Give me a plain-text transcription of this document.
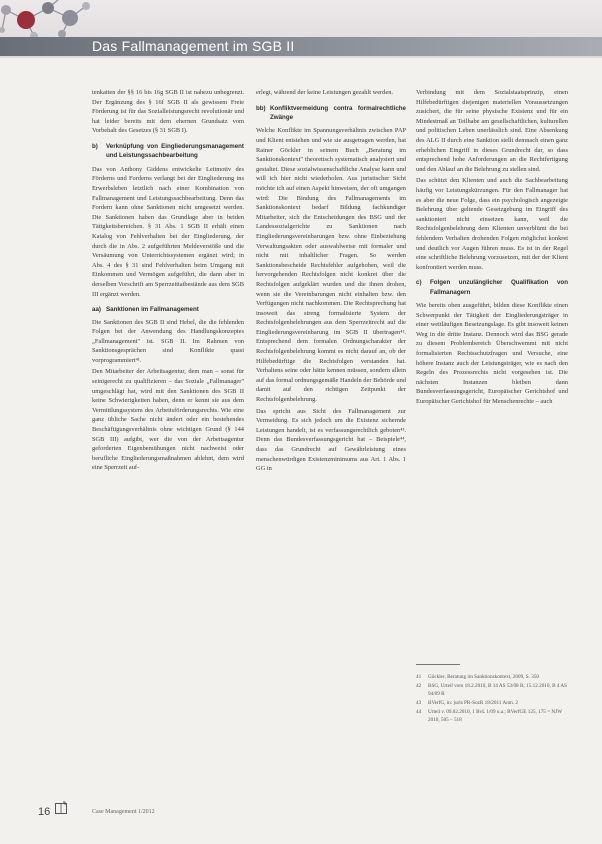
Das Fallmanagement im SGB II

tenkatten der §§ 16 bis 16g SGB II ist nahezu unbegrenzt. Der Ergänzung des § 16f SGB II als gewissem Freie Förderung ist für das Sozialleistungsrecht revolutionär und hat leider bereits mit dem ehernen Grundsatz vom Vorbehalt des Gesetzes (§ 31 SGB I).

b) Verknüpfung von Eingliederungsmanagement und Leistungssachbearbeitung

Das von Anthony Giddens entwickelte Leitmotiv des Förderns und Forderns verlangt bei der Eingliederung ins Erwerbsleben letztlich nach einer Kombination von Fallmanagement und Leistungssachbearbeitung. Denn das Fordern kann ohne Sanktionen nicht umgesetzt werden. Die Sanktionen haben das Grundlage aber in beiden Tätigkeitsbereichen. § 31 Abs. 1 SGB II erhält einen Katalog von Fehlverhalten bei der Eingliederung, der durch die in Abs. 2 aufgeführten Meldeverstöße und die Versäumung von Unterrichtssystemen ergänzt wird; in Abs. 4 des § 31 sind Fehlverhalten beim Umgang mit Einkommen und Vermögen aufgeführt, die dann aber in derselben Vorschrift am Sperrzeittatbestände aus dem SGB III ergänzt werden.

aa) Sanktionen im Fallmanagement

Die Sanktionen des SGB II sind Hebel, die die fehlenden Folgen bei der Anwendung des Handlungskonzeptes „Fallmanagement" ist. SGB II. Im Rahmen von Sanktionsgesprächen sind Konflikte quasi vorprogrammiert⁴¹.

Den Mitarbeiter der Arbeitsagentur, dem man – sonst für seinigerecht zu qualifizieren – das Soziale „Fallmanager" umgeschlägt hat, wird mit den Sanktionen des SGB II keine Schwierigkeiten haben, denn er kennt sie aus dem Vermittlungssystem des Arbeitsförderungsrechts. Wie eine ganz übliche Sache nicht ändert oder ein bestehendes Beschäftigungsverhältnis ohne wichtigen Grund (§ 144 SGB III) aufgibt, wer die von der Arbeitsagentur geforderten Eigenbemühungen nicht nachweist oder berufliche Eingliederungsmaßnahmen ablehnt, dem wird eine Sperrzeit auf-

erlegt, während der keine Leistungen gezahlt werden.

bb) Konfliktvermeidung contra formalrechtliche Zwänge

Welche Konflikte im Spannungsverhältnis zwischen PAP und Klient entstehen und wie sie ausgetragen werden, hat Rainer Göckler in seinem Buch „Beratung im Sanktionskontext" theoretisch systematisch analysiert und gestaltet. Diese sozialwissenschaftliche Analyse kann und will ich hier nicht wiederholen. Aus juristischer Sicht möchte ich auf einen Aspekt hinweisen, der oft umgangen wird: Die Bindung des Fallmanagements im Sanktionskontext bedarf Bildung fachkundiger Mitarbeiter, sich die Entscheidungen des BSG und der Landessozialgerichte zu Sanktionen nach Eingliederungsvereinbarungen bzw. ohne Einbeziehung Verwaltungsakten oder auswahlweise mit formaler und nicht mit inhaltlicher Fragen. So werden Sanktionsbescheide Rechtsfehler aufgehoben, weil die hervorgehenden Rechtsfolgen nicht konkret über die Rechtsfolgen aufgeklärt wurden und die ihnen drohen, wenn sie die Vereinbarungen nicht einhalten bzw. den Verfügungen nicht nachkommen. Die Rechtsprechung hat insoweit das streng formalisierte System der Rechtsfolgenbelehrungen aus dem Sperrzeitrecht auf die Eingliederungsvereinbarung im SGB II übertragen⁴². Entsprechend dem formalen Ordnungscharakter der Rechtsfolgenbelehrung kommt es nicht darauf an, ob der Hilfebedürftige die Rechtsfolgen verstanden hat. Verhaltens seine oder hätte kennen müssen, sondern allein auf das formal ordnungsgemäße Handeln der Behörde und damit auf den richtigen Zeitpunkt der Rechtsfolgenbelehrung.

Das spricht aus Sicht des Fallmanagement zur Vermeidung. Es sich jedoch um die Existenz sichernde Leistungen handelt, ist es verfassungsrechtlich geboten⁴³. Denn das Bundesverfassungsgericht hat – Beispiele⁴⁴, dass das Grundrecht auf Gewährleistung eines menschenwürdigen Existenzminimums aus Art. 1 Abs. 1 GG in

Verbindung mit dem Sozialstaatsprinzip, einen Hilfebedürftigen diejenigen materiellen Voraussetzungen zusichert, die für seine physische Existenz und für ein Mindestmaß an Teilhabe am gesellschaftlichen, kulturellen und politischen Leben unerlässlich sind. Eine Absenkung des ALG II durch eine Sanktion stellt demnach einen ganz erheblichen Eingriff in dieses Grundrecht dar, so dass entsprechend hohe Anforderungen an die Rechtfertigung und den Ablauf an die Belehrung zu stellen sind.

Das schützt den Klienten und auch die Sachbearbeitung häufig vor Leistungskürzungen. Für den Fallmanager hat es aber die neue Folge, dass ein psychologisch angezeigte Belehrung über geltende Gesetzgebung im Eingriff des sanktioniert nicht einsetzen kann, weil die Rechtsfolgenbelehrung dem Klienten unverblümt die bei fehlendem Verhalten drohenden Folgen möglichst konkret und deutlich vor Augen führen muss. Es ist in der Regel eine schriftliche Belehrung vorzusetzen, mit der der Klient konfrontiert werden muss.

c) Folgen unzulänglicher Qualifikation von Fallmanagern

Wie bereits oben ausgeführt, bilden diese Konflikte einen Schwerpunkt der Tätigkeit der Eingliederungsträger in einer weitläufigen Besetzungslage. Es gibt insoweit keinen Weg in die dritte Instanz. Dennoch wird das BSG gerade zu diesem Problembereich Überschwemmt mit nicht formalisierten Rechtsschutzfragen und Versuche, eine höhere Instanz auch der Leistungsträger, wie es nach den Regeln des Prozessrechts nicht vorgesehen ist. Die nächsten Instanzen bleiben dann Bundesverfassungsgericht, Europäischer Gerichtshof und Europäischer Gerichtshof für Menschenrechte – auch

41	Göckler, Beratung im Sanktionskontext, 2009, S. 350
42	BSG, Urteil vom 18.2.2010, B 14 AS 53/08 R; 15.12.2010, B 4 AS 94/09 R
43	BVerfG, in: juris PR-SozR 18/2011 Anm. 2
44	Urteil v. 09.02.2010, 1 BvL 1/09 u.a.; BVerfGE 125, 175 = NJW 2010, 505 – 518
16	Case Management 1/2012
